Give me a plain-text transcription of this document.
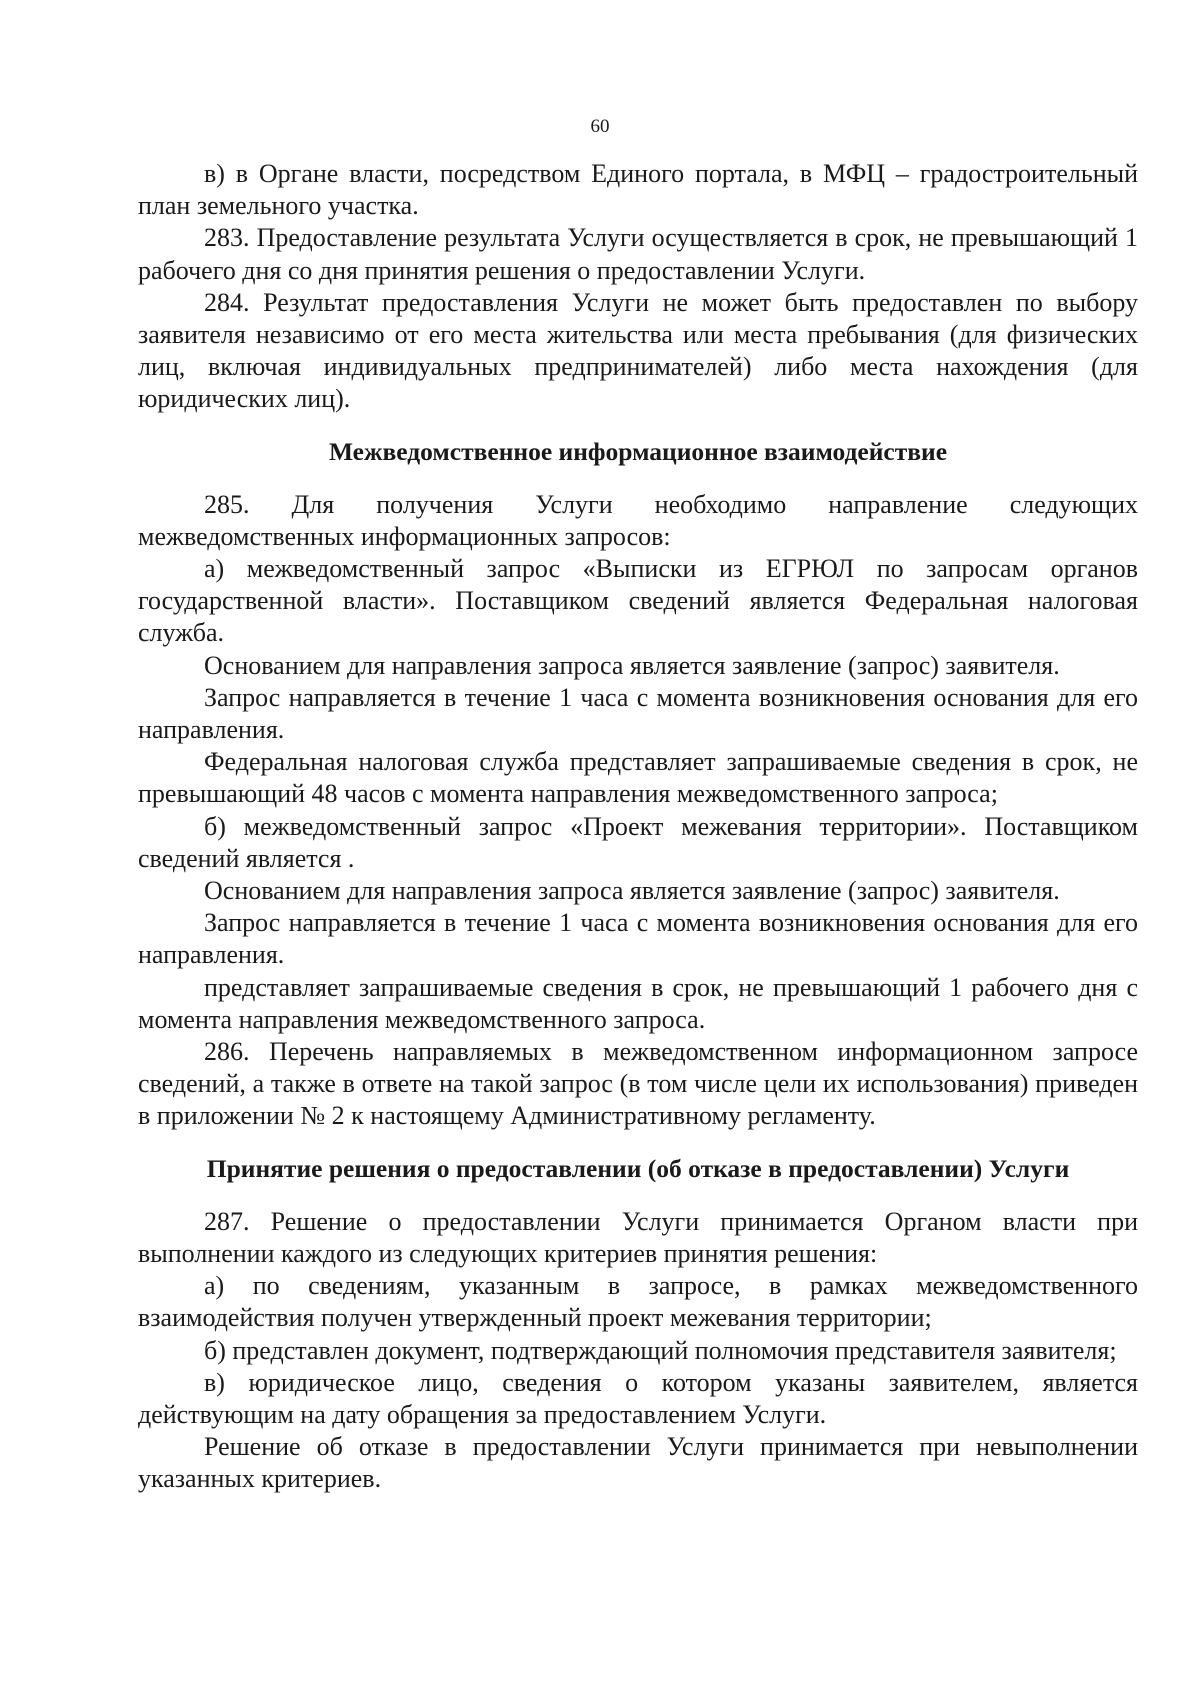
60

в) в Органе власти, посредством Единого портала, в МФЦ – градостроительный план земельного участка.

283. Предоставление результата Услуги осуществляется в срок, не превышающий 1 рабочего дня со дня принятия решения о предоставлении Услуги.

284. Результат предоставления Услуги не может быть предоставлен по выбору заявителя независимо от его места жительства или места пребывания (для физических лиц, включая индивидуальных предпринимателей) либо места нахождения (для юридических лиц).

Межведомственное информационное взаимодействие

285. Для получения Услуги необходимо направление следующих межведомственных информационных запросов:

а) межведомственный запрос «Выписки из ЕГРЮЛ по запросам органов государственной власти». Поставщиком сведений является Федеральная налоговая служба.

Основанием для направления запроса является заявление (запрос) заявителя.

Запрос направляется в течение 1 часа с момента возникновения основания для его направления.

Федеральная налоговая служба представляет запрашиваемые сведения в срок, не превышающий 48 часов с момента направления межведомственного запроса;

б) межведомственный запрос «Проект межевания территории». Поставщиком сведений является .

Основанием для направления запроса является заявление (запрос) заявителя.

Запрос направляется в течение 1 часа с момента возникновения основания для его направления.

представляет запрашиваемые сведения в срок, не превышающий 1 рабочего дня с момента направления межведомственного запроса.

286. Перечень направляемых в межведомственном информационном запросе сведений, а также в ответе на такой запрос (в том числе цели их использования) приведен в приложении № 2 к настоящему Административному регламенту.

Принятие решения о предоставлении (об отказе в предоставлении) Услуги

287. Решение о предоставлении Услуги принимается Органом власти при выполнении каждого из следующих критериев принятия решения:

а) по сведениям, указанным в запросе, в рамках межведомственного взаимодействия получен утвержденный проект межевания территории;

б) представлен документ, подтверждающий полномочия представителя заявителя;

в) юридическое лицо, сведения о котором указаны заявителем, является действующим на дату обращения за предоставлением Услуги.

Решение об отказе в предоставлении Услуги принимается при невыполнении указанных критериев.
